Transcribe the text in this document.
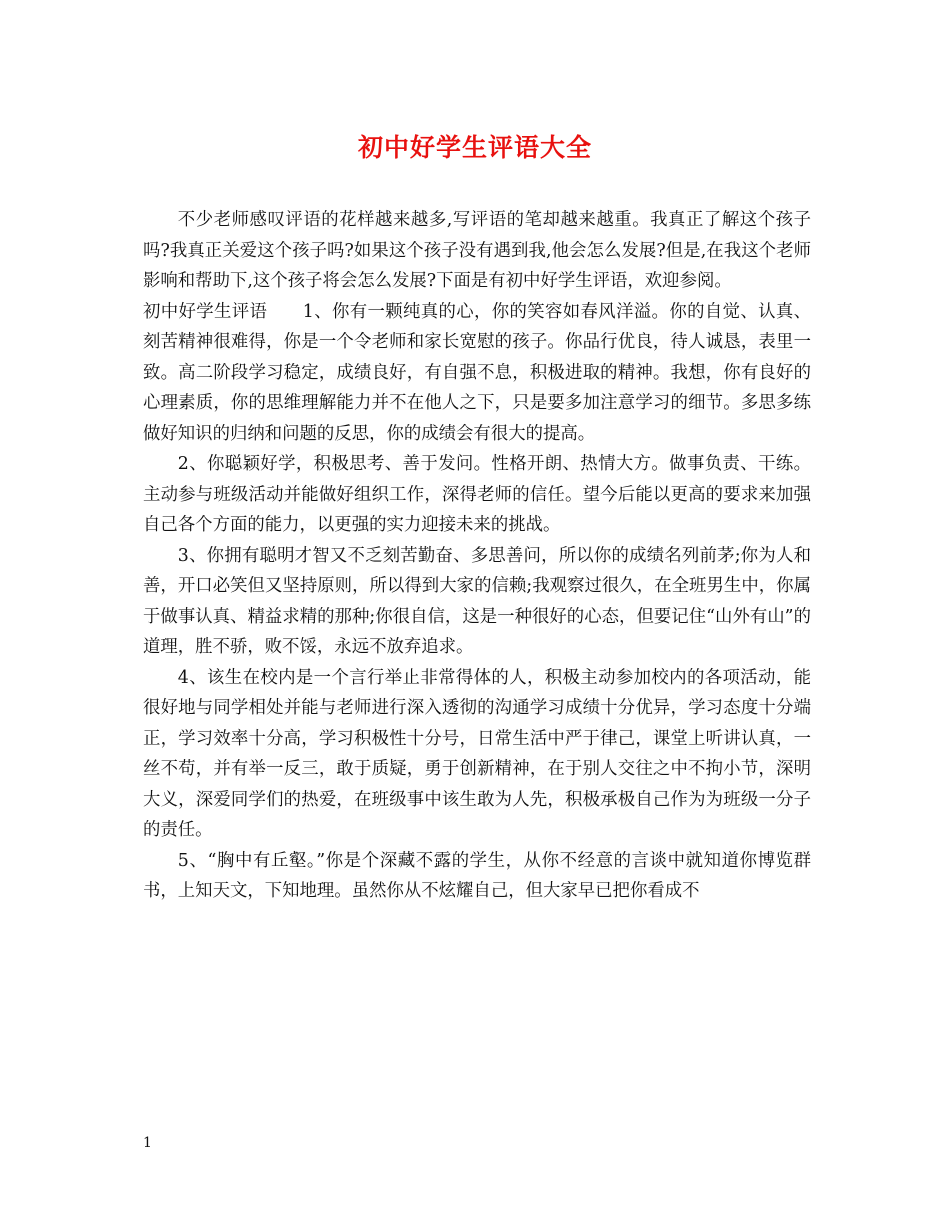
初中好学生评语大全

不少老师感叹评语的花样越来越多,写评语的笔却越来越重。我真正了解这个孩子吗?我真正关爱这个孩子吗?如果这个孩子没有遇到我,他会怎么发展?但是,在我这个老师影响和帮助下,这个孩子将会怎么发展?下面是有初中好学生评语，欢迎参阅。

初中好学生评语　　1、你有一颗纯真的心，你的笑容如春风洋溢。你的自觉、认真、刻苦精神很难得，你是一个令老师和家长宽慰的孩子。你品行优良，待人诚恳，表里一致。高二阶段学习稳定，成绩良好，有自强不息，积极进取的精神。我想，你有良好的心理素质，你的思维理解能力并不在他人之下，只是要多加注意学习的细节。多思多练做好知识的归纳和问题的反思，你的成绩会有很大的提高。

2、你聪颖好学，积极思考、善于发问。性格开朗、热情大方。做事负责、干练。主动参与班级活动并能做好组织工作，深得老师的信任。望今后能以更高的要求来加强自己各个方面的能力，以更强的实力迎接未来的挑战。

3、你拥有聪明才智又不乏刻苦勤奋、多思善问，所以你的成绩名列前茅;你为人和善，开口必笑但又坚持原则，所以得到大家的信赖;我观察过很久，在全班男生中，你属于做事认真、精益求精的那种;你很自信，这是一种很好的心态，但要记住“山外有山”的道理，胜不骄，败不馁，永远不放弃追求。

4、该生在校内是一个言行举止非常得体的人，积极主动参加校内的各项活动，能很好地与同学相处并能与老师进行深入透彻的沟通学习成绩十分优异，学习态度十分端正，学习效率十分高，学习积极性十分号，日常生活中严于律己，课堂上听讲认真，一丝不苟，并有举一反三，敢于质疑，勇于创新精神，在于别人交往之中不拘小节，深明大义，深爱同学们的热爱，在班级事中该生敢为人先，积极承极自己作为为班级一分子的责任。

5、“胸中有丘壑。”你是个深藏不露的学生，从你不经意的言谈中就知道你博览群书，上知天文，下知地理。虽然你从不炫耀自己，但大家早已把你看成不

1
